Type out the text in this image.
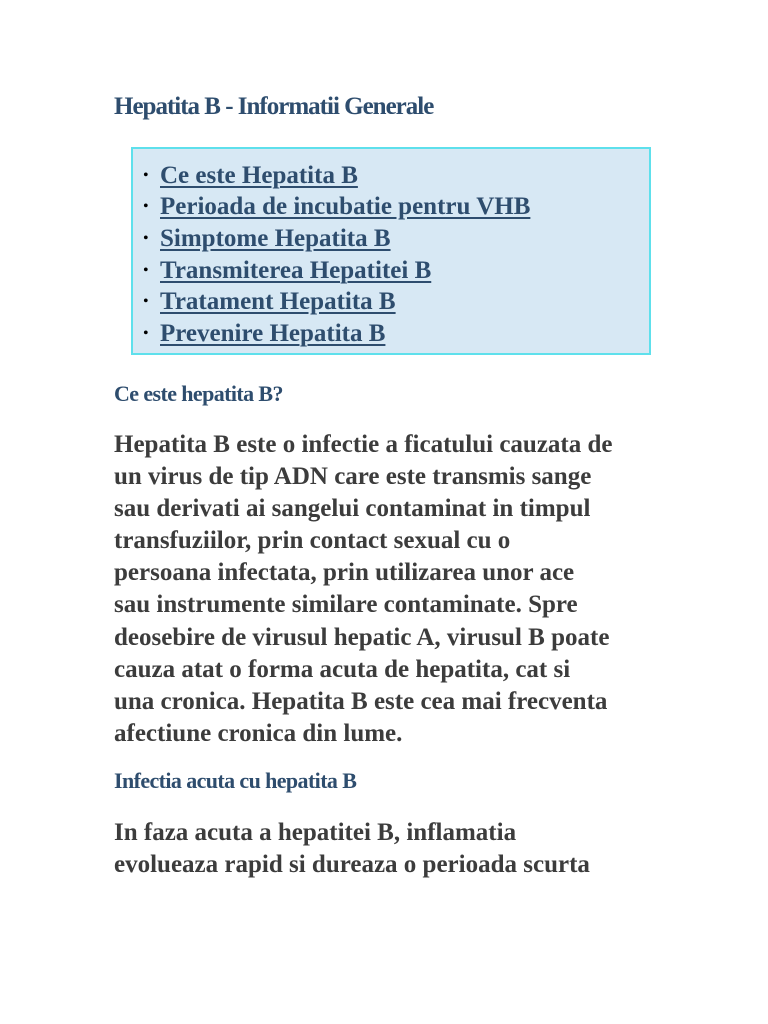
Hepatita B - Informatii Generale
• Ce este Hepatita B
• Perioada de incubatie pentru VHB
• Simptome Hepatita B
• Transmiterea Hepatitei B
• Tratament Hepatita B
• Prevenire Hepatita B
Ce este hepatita B?

Hepatita B este o infectie a ficatului cauzata de
un virus de tip ADN care este transmis sange
sau derivati ai sangelui contaminat in timpul
transfuziilor, prin contact sexual cu o
persoana infectata, prin utilizarea unor ace
sau instrumente similare contaminate. Spre
deosebire de virusul hepatic A, virusul B poate
cauza atat o forma acuta de hepatita, cat si
una cronica. Hepatita B este cea mai frecventa
afectiune cronica din lume.

Infectia acuta cu hepatita B

In faza acuta a hepatitei B, inflamatia
evolueaza rapid si dureaza o perioada scurta
